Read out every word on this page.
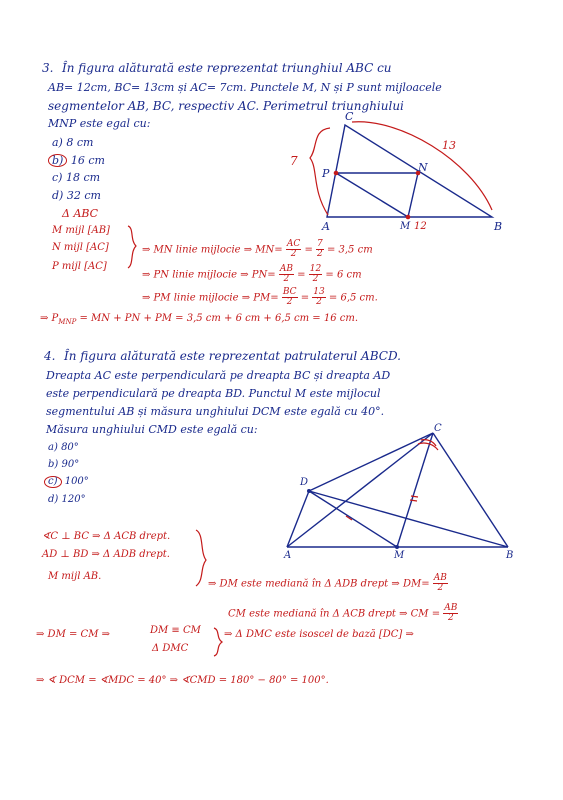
3. În figura alăturată este reprezentat triunghiul ABC cu
AB= 12cm, BC= 13cm și AC= 7cm. Punctele M, N și P sunt mijloacele
segmentelor AB, BC, respectiv AC. Perimetrul triunghiului
MNP este egal cu:
a) 8 cm
b) 16 cm
c) 18 cm
d) 32 cm
Δ ABC
M mijl [AB]
N mijl [AC]
P mijl [AC]
⇒ MN linie mijlocie ⇒ $MN= \frac{AC}{2} = \frac{7}{2} = 3,5$ cm
⇒ PN linie mijlocie ⇒ $PN= \frac{AB}{2} = \frac{12}{2} = 6$ cm
⇒ PM linie mijlocie ⇒ $PM= \frac{BC}{2} = \frac{13}{2} = 6,5$ cm.
⇒ $P_{MNP}$ = MN + PN + PM = 3,5 cm + 6 cm + 6,5 cm = 16 cm.
4. În figura alăturată este reprezentat patrulaterul ABCD.
Dreapta AC este perpendiculară pe dreapta BC și dreapta AD
este perpendiculară pe dreapta BD. Punctul M este mijlocul
segmentului AB și măsura unghiului DCM este egală cu 40°.
Măsura unghiului CMD este egală cu:
a) 80°
b) 90°
c) 100°
d) 120°
∢C ⊥ BC ⇒ Δ ACB drept.
AD ⊥ BD ⇒ Δ ADB drept.
M mijl AB.
⇒ DM este mediană în Δ ADB drept ⇒ $DM= \frac{AB}{2}$
CM este mediană în Δ ACB drept ⇒ CM = $\frac{AB}{2}$
⇒ DM = CM ⇒	DM ≡ CM
Δ DMC
⇒ Δ DMC este isoscel de bază [DC] ⇒
⇒ ∢ DCM = ∢MDC = 40° ⇒ ∢CMD = 180° − 80° = 100°.
C
N
P
A	M	B
12
13
7
C
D
A	M	B
